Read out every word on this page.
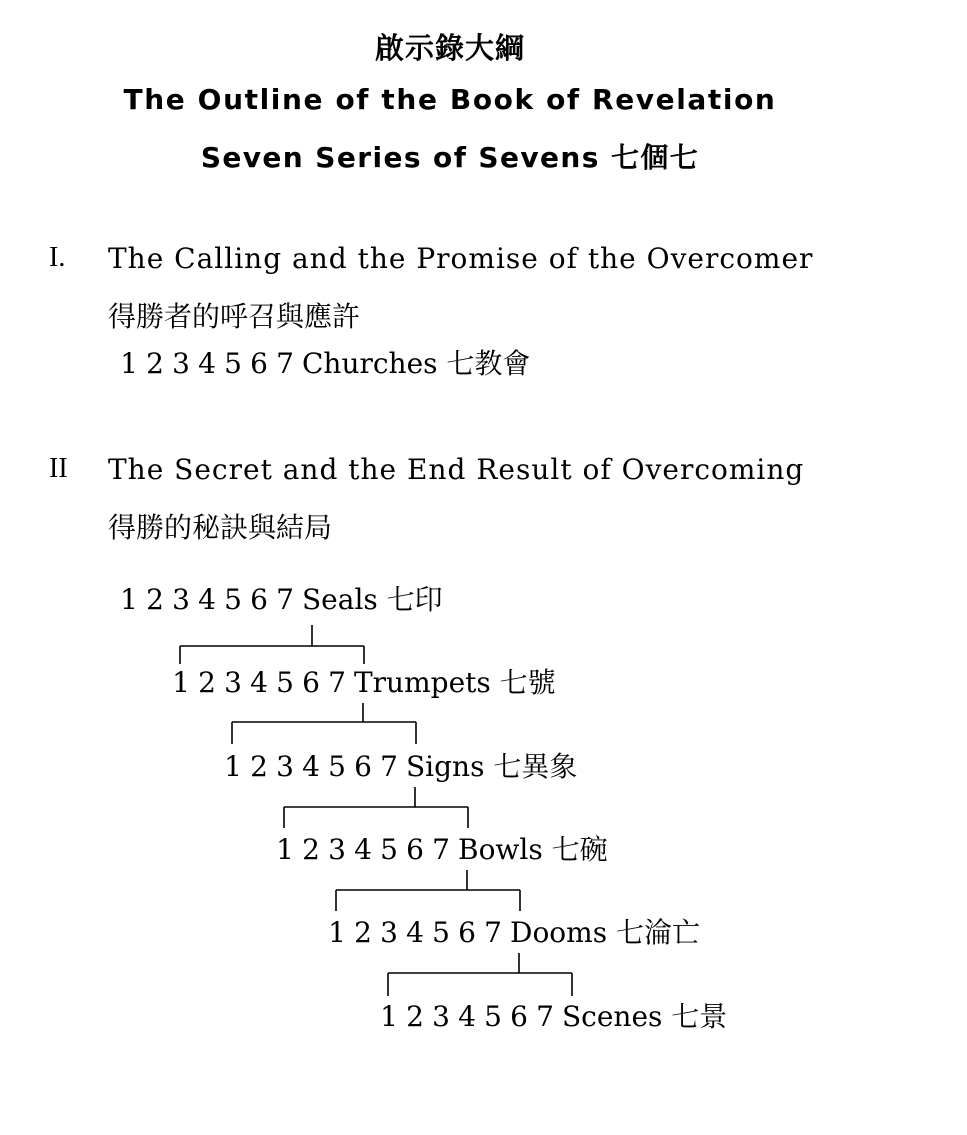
啟示錄大綱
The Outline of the Book of Revelation
Seven Series of Sevens 七個七
I. The Calling and the Promise of the Overcomer
得勝者的呼召與應許
1 2 3 4 5 6 7 Churches 七教會
II The Secret and the End Result of Overcoming
得勝的秘訣與結局
1 2 3 4 5 6 7 Seals 七印
1 2 3 4 5 6 7 Trumpets 七號
1 2 3 4 5 6 7 Signs 七異象
1 2 3 4 5 6 7 Bowls 七碗
1 2 3 4 5 6 7 Dooms 七淪亡
1 2 3 4 5 6 7 Scenes 七景
